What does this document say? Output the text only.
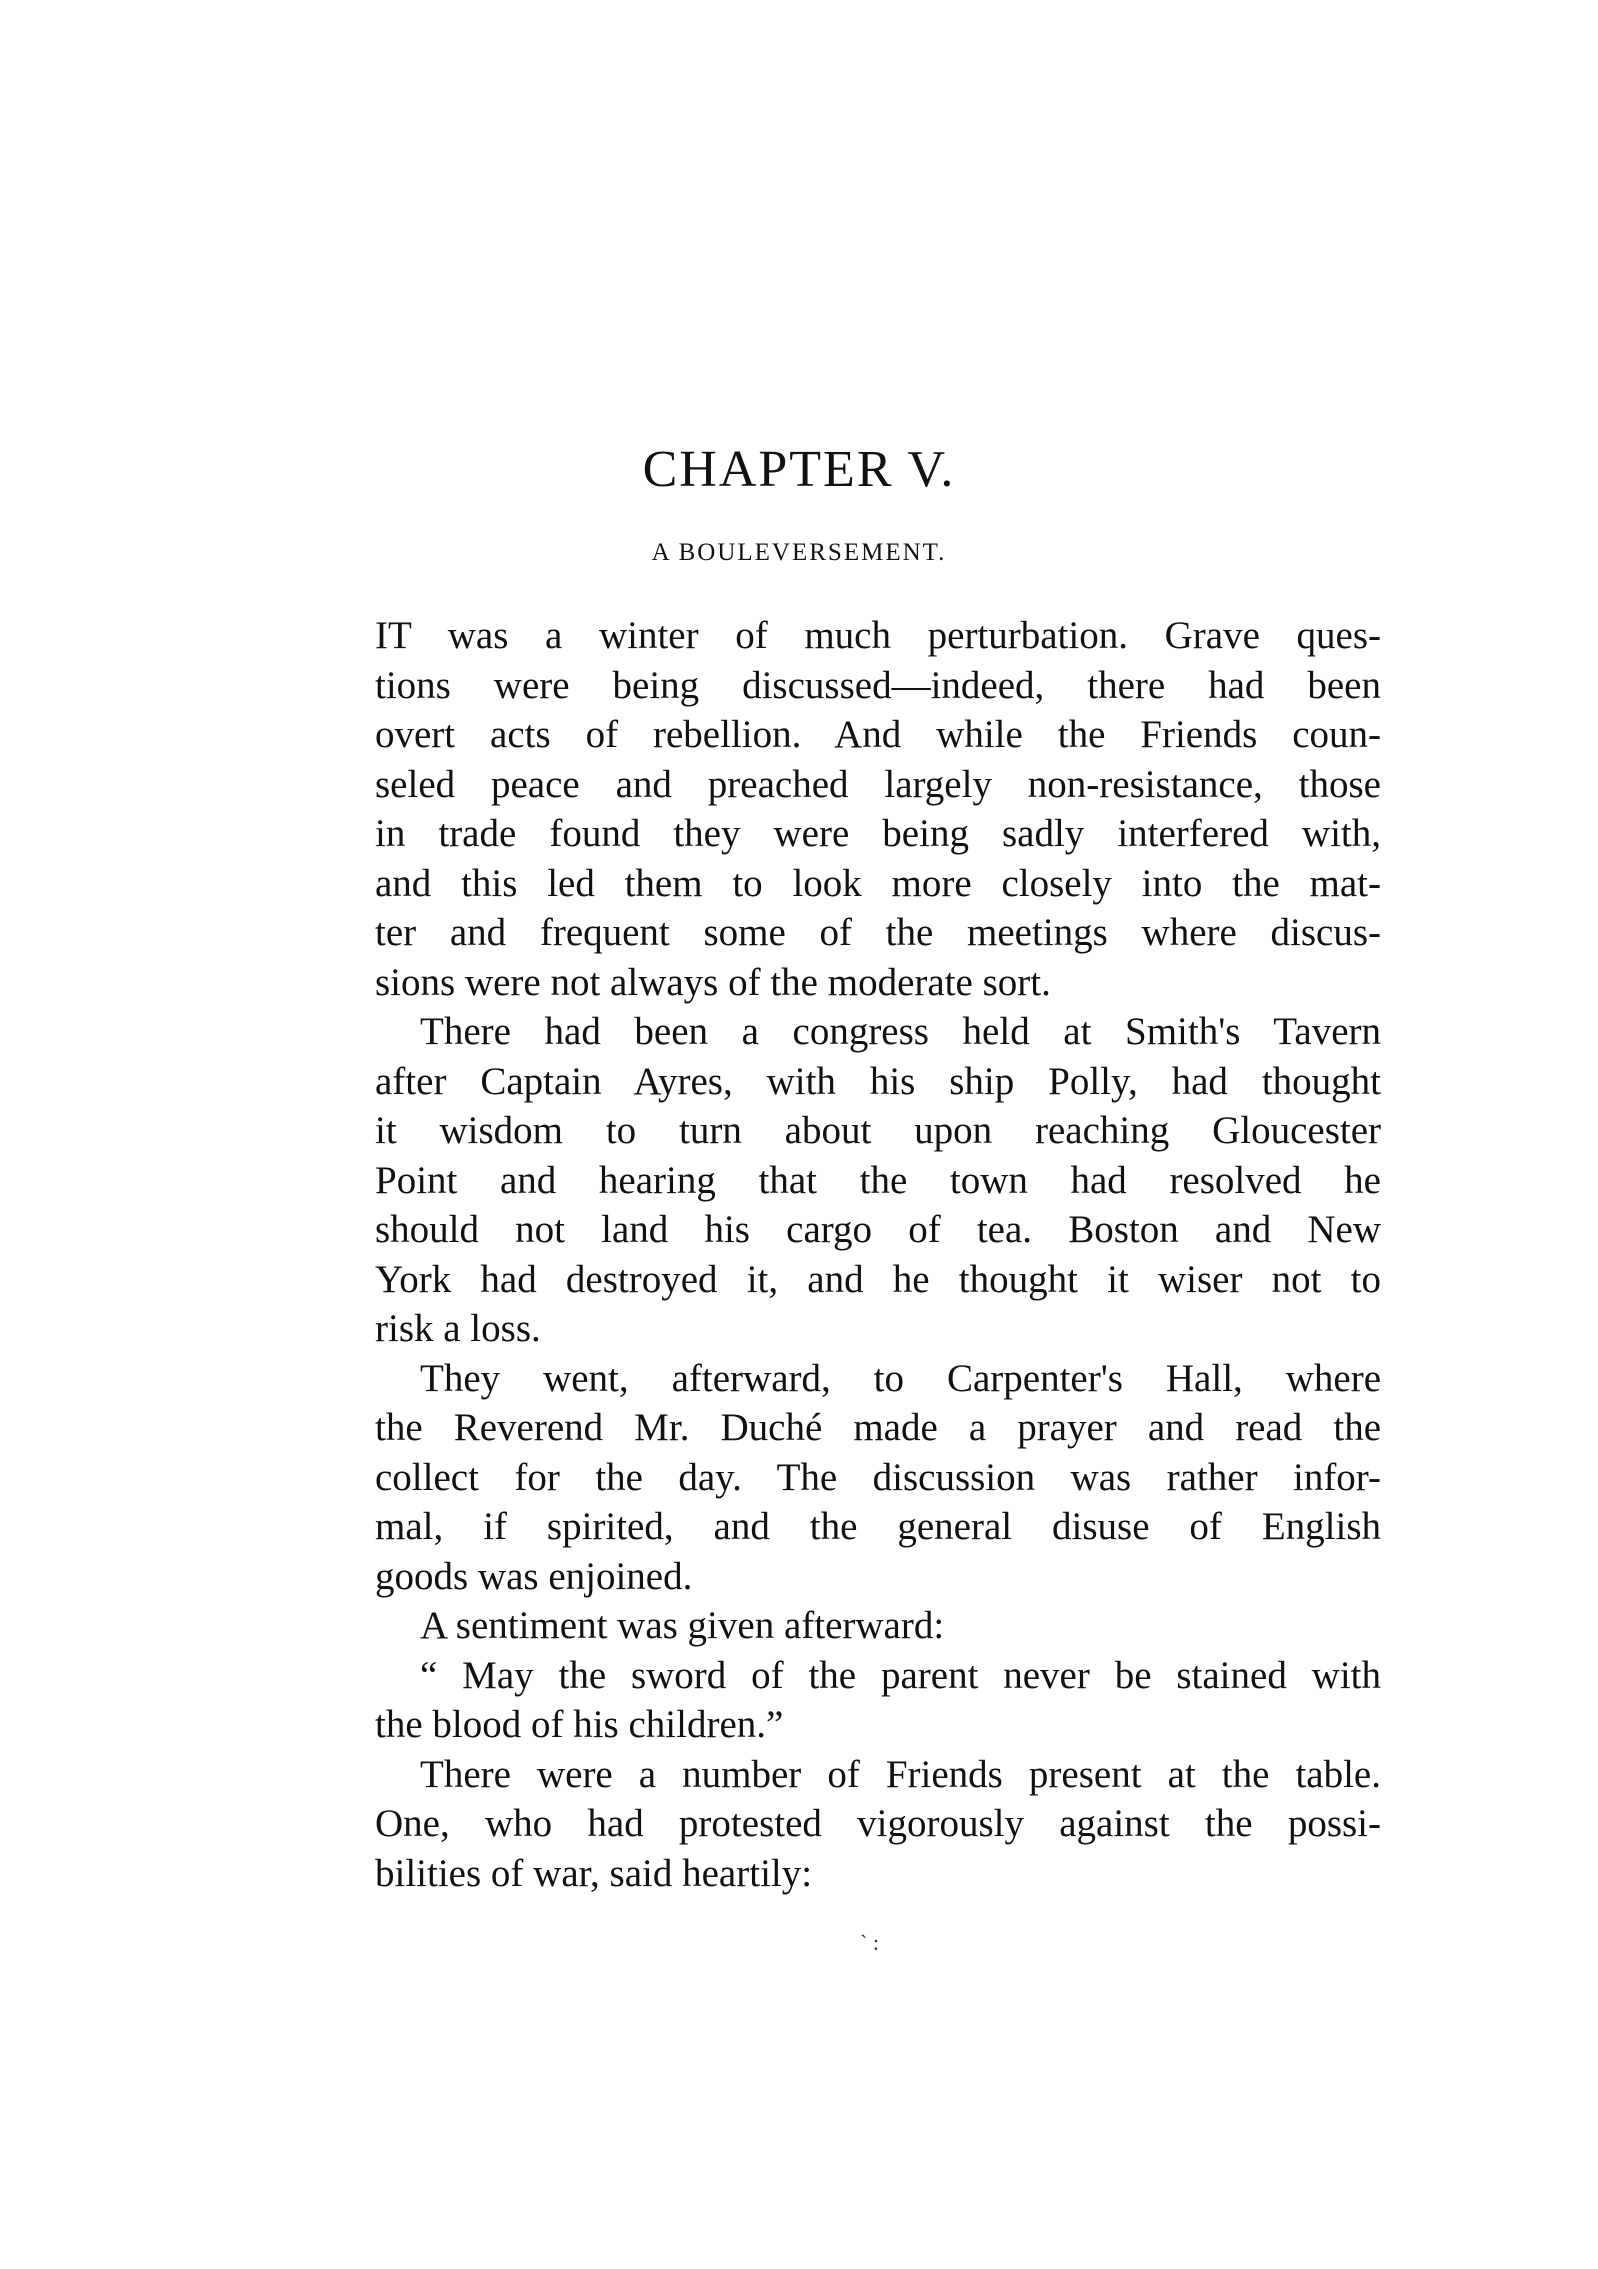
CHAPTER V.
A BOULEVERSEMENT.

IT was a winter of much perturbation. Grave ques-
tions were being discussed—indeed, there had been
overt acts of rebellion. And while the Friends coun-
seled peace and preached largely non-resistance, those
in trade found they were being sadly interfered with,
and this led them to look more closely into the mat-
ter and frequent some of the meetings where discus-
sions were not always of the moderate sort.

There had been a congress held at Smith's Tavern
after Captain Ayres, with his ship Polly, had thought
it wisdom to turn about upon reaching Gloucester
Point and hearing that the town had resolved he
should not land his cargo of tea. Boston and New
York had destroyed it, and he thought it wiser not to
risk a loss.

They went, afterward, to Carpenter's Hall, where
the Reverend Mr. Duché made a prayer and read the
collect for the day. The discussion was rather infor-
mal, if spirited, and the general disuse of English
goods was enjoined.

A sentiment was given afterward:

“ May the sword of the parent never be stained with
the blood of his children.”

There were a number of Friends present at the table.
One, who had protested vigorously against the possi-
bilities of war, said heartily:

` :
